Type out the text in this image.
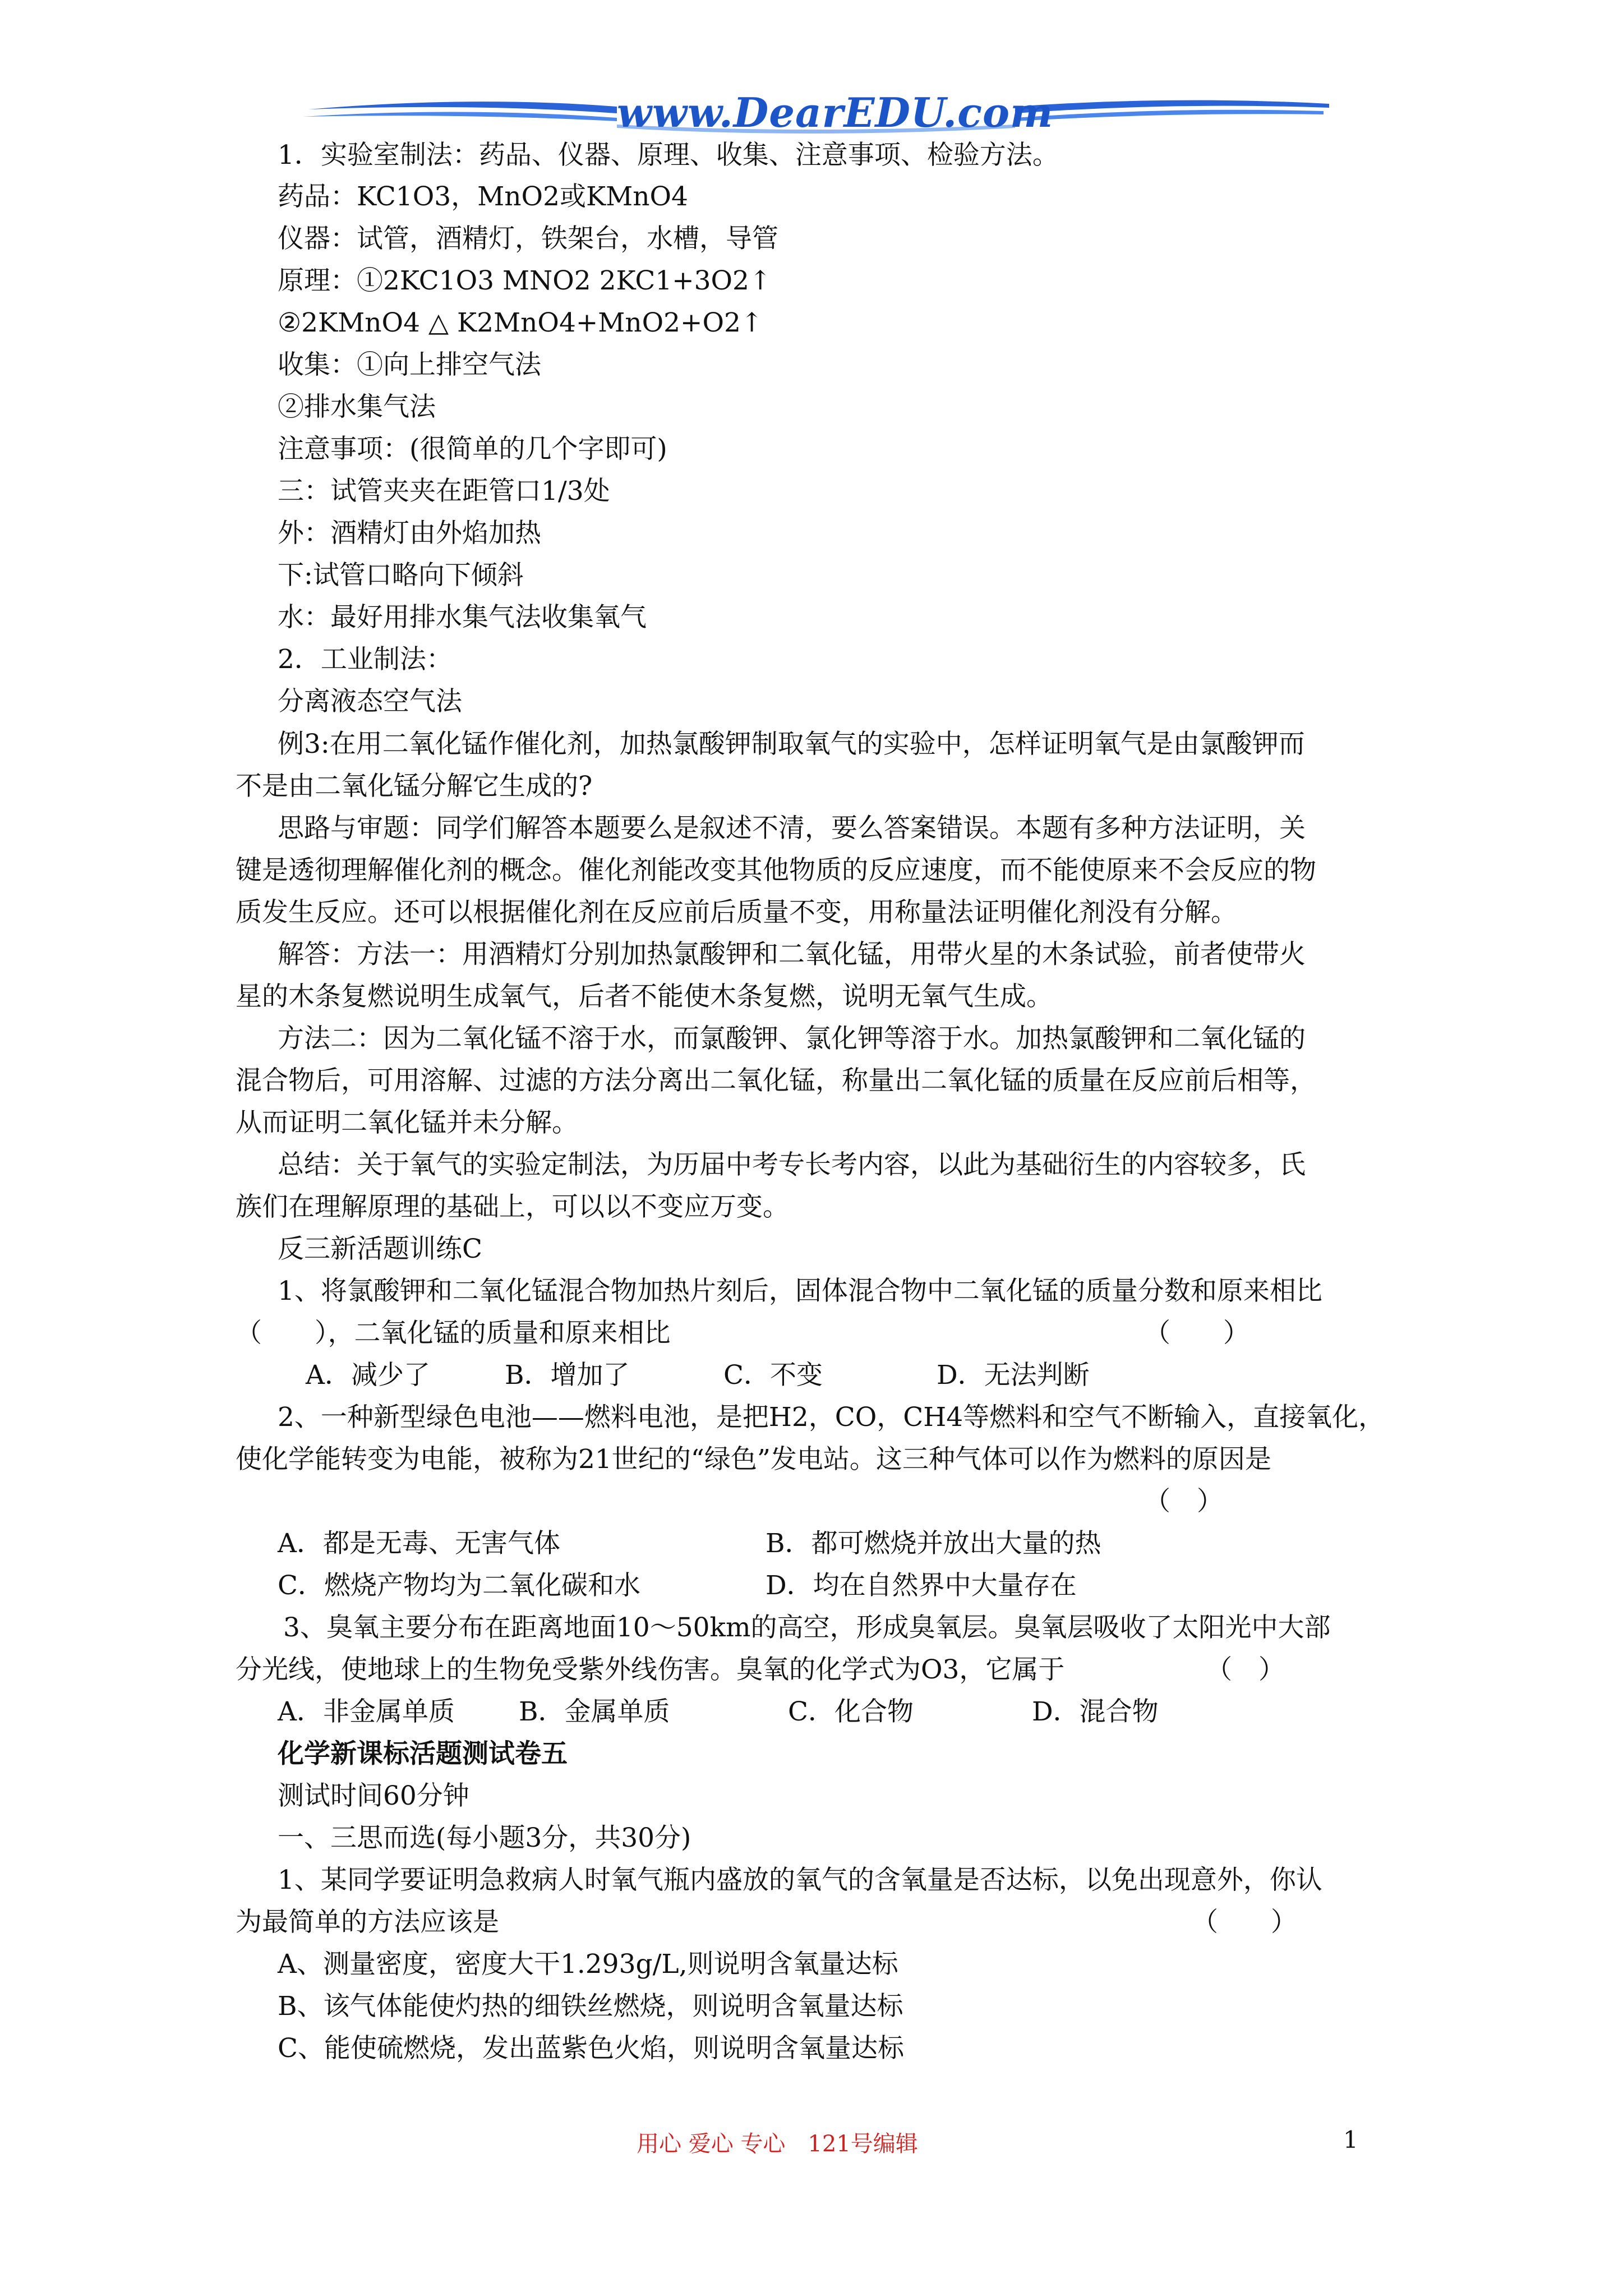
www.DearEDU.com
1．实验室制法：药品、仪器、原理、收集、注意事项、检验方法。
药品：KC1O3，MnO2或KMnO4
仪器：试管，酒精灯，铁架台，水槽，导管
原理：①2KC1O3 MNO2 2KC1+3O2↑
②2KMnO4 △ K2MnO4+MnO2+O2↑
收集：①向上排空气法
②排水集气法
注意事项：(很简单的几个字即可)
三：试管夹夹在距管口1/3处
外：酒精灯由外焰加热
下:试管口略向下倾斜
水：最好用排水集气法收集氧气
2．工业制法：
分离液态空气法
例3:在用二氧化锰作催化剂，加热氯酸钾制取氧气的实验中，怎样证明氧气是由氯酸钾而
不是由二氧化锰分解它生成的?
思路与审题：同学们解答本题要么是叙述不清，要么答案错误。本题有多种方法证明，关
键是透彻理解催化剂的概念。催化剂能改变其他物质的反应速度，而不能使原来不会反应的物
质发生反应。还可以根据催化剂在反应前后质量不变，用称量法证明催化剂没有分解。
解答：方法一：用酒精灯分别加热氯酸钾和二氧化锰，用带火星的木条试验，前者使带火
星的木条复燃说明生成氧气，后者不能使木条复燃，说明无氧气生成。
方法二：因为二氧化锰不溶于水，而氯酸钾、氯化钾等溶于水。加热氯酸钾和二氧化锰的
混合物后，可用溶解、过滤的方法分离出二氧化锰，称量出二氧化锰的质量在反应前后相等，
从而证明二氧化锰并未分解。
总结：关于氧气的实验定制法，为历届中考专长考内容，以此为基础衍生的内容较多，氏
族们在理解原理的基础上，可以以不变应万变。
反三新活题训练C
1、将氯酸钾和二氧化锰混合物加热片刻后，固体混合物中二氧化锰的质量分数和原来相比
（　　），二氧化锰的质量和原来相比	（　　）
A．减少了	B．增加了	C．不变	D．无法判断
2、一种新型绿色电池——燃料电池，是把H2，CO，CH4等燃料和空气不断输入，直接氧化，
使化学能转变为电能，被称为21世纪的“绿色”发电站。这三种气体可以作为燃料的原因是
（　）
A．都是无毒、无害气体	B．都可燃烧并放出大量的热
C．燃烧产物均为二氧化碳和水	D．均在自然界中大量存在
3、臭氧主要分布在距离地面10～50km的高空，形成臭氧层。臭氧层吸收了太阳光中大部
分光线，使地球上的生物免受紫外线伤害。臭氧的化学式为O3，它属于	（　）
A．非金属单质 B．金属单质	C．化合物	D．混合物
化学新课标活题测试卷五
测试时间60分钟
一、三思而选(每小题3分，共30分)
1、某同学要证明急救病人时氧气瓶内盛放的氧气的含氧量是否达标，以免出现意外，你认
为最简单的方法应该是	（　　）
A、测量密度，密度大干1.293g/L,则说明含氧量达标
B、该气体能使灼热的细铁丝燃烧，则说明含氧量达标
C、能使硫燃烧，发出蓝紫色火焰，则说明含氧量达标
用心 爱心 专心　121号编辑	1
